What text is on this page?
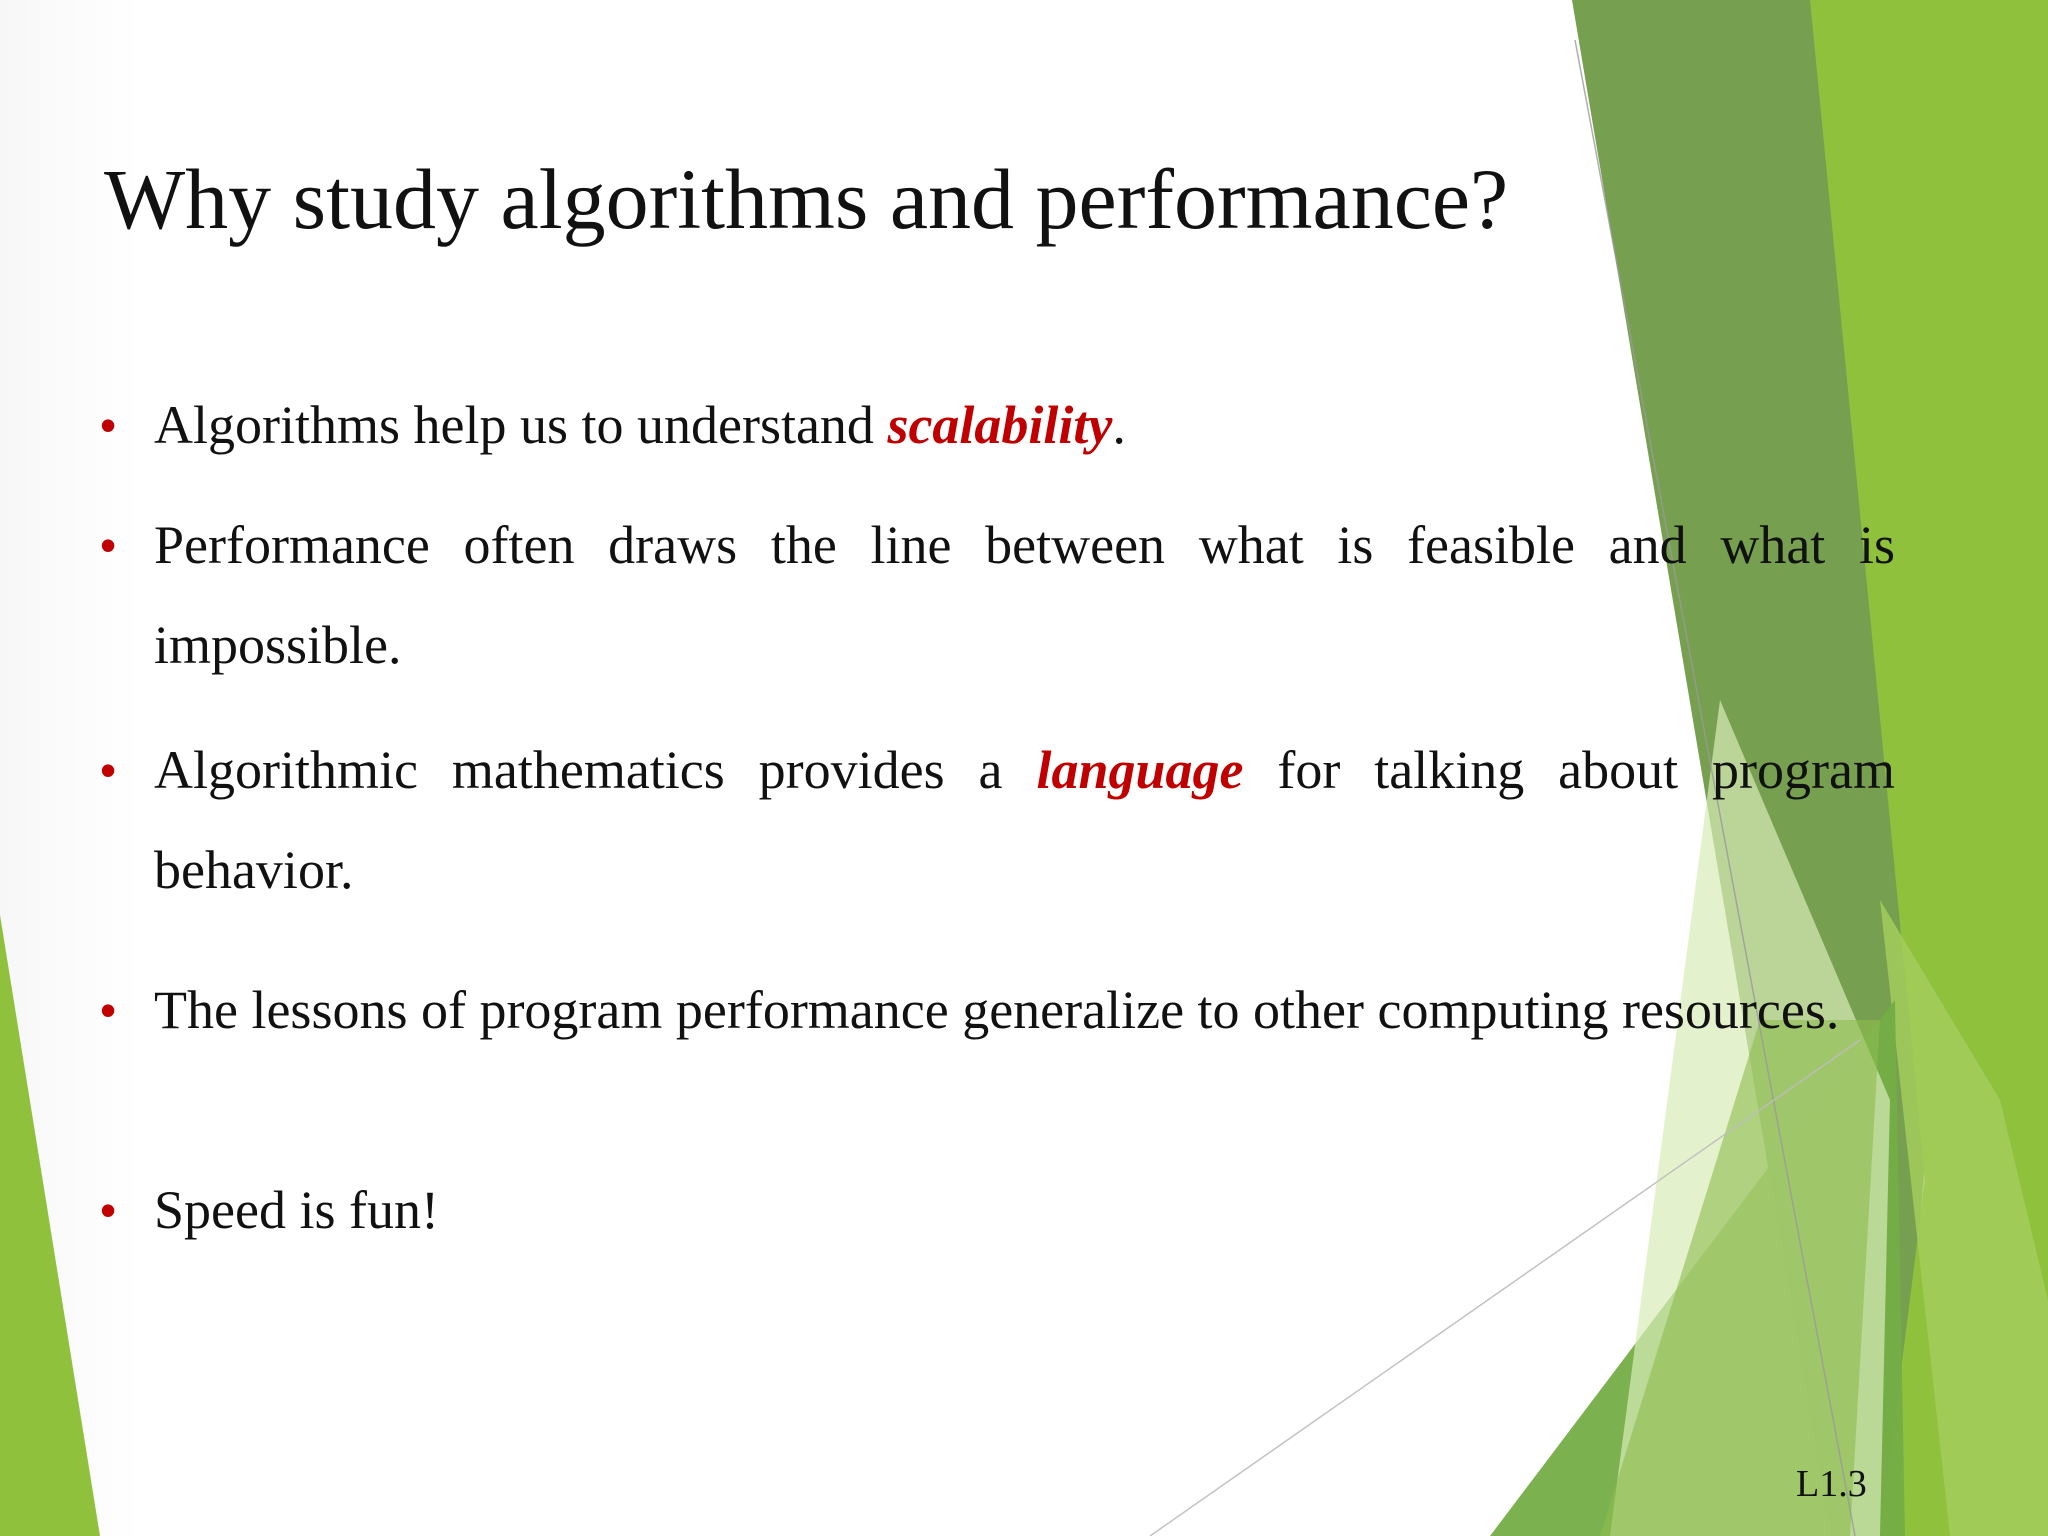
Why study algorithms and performance?
• Algorithms help us to understand scalability.
• Performance often draws the line between what is feasible and what is impossible.
• Algorithmic mathematics provides a language for talking about program behavior.
• The lessons of program performance generalize to other computing resources.
• Speed is fun!
L1.3
